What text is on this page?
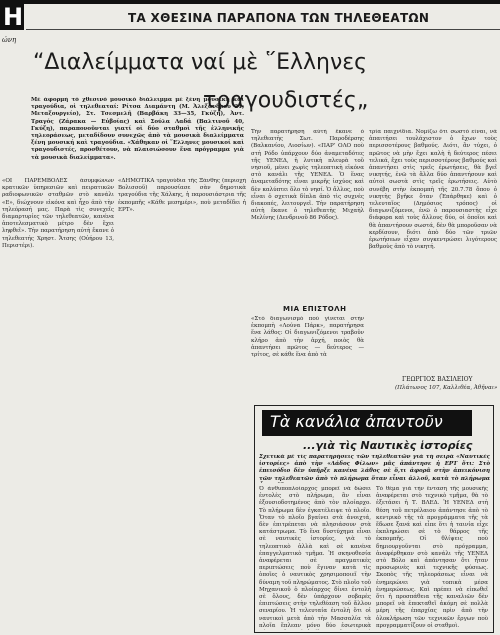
Η
ώνη
ΤΑ ΧΘΕΣΙΝΑ ΠΑΡΑΠΟΝΑ ΤΩΝ ΤΗΛΕΘΕΑΤΩΝ
“Διαλείμματα ναί μὲ ῞Ελληνες
τραγουδιστές„
Μὲ ἀφορμὴ τὸ χθεσινὸ μουσικὸ διάλειμμα μὲ ξένη μουσική καὶ τραγούδια, οἱ τηλεθεαταί: Ρίτσα Διαμάντη (Μ. Ἀλεξάνδρου 21, Μεταξουργείο), Στ. Τσεσμελῆ (Βαρβάκη 33—35, Γκύζη), Ἀντ. Τραγός (Ζάρακα — Εὐβοίας) καὶ Σούλα Λαδά (Βαλτινοῦ 40, Γκύζη), παραπονοῦνται γιατί οἱ δύο σταθμοὶ τῆς ἑλληνικῆς τηλεοράσεως, μεταδίδουν συνεχῶς ἀπὸ τὰ μουσικὰ διαλείμματα ξένη μουσική καὶ τραγούδια. «Χάθηκαν οἱ ῞Ελληνες μουσικοί καὶ τραγουδιστές, προσθέτουν, νὰ πλαισιώσουν ἕνα πρόγραμμα γιὰ τὰ μουσικὰ διαλείμματα».
«ΟΙ ΠΑΡΕΜΒΟΛΕΣ ἀσυμφώνων κρατικῶν ὑπηρεσιῶν καὶ πειρατικῶν ραδιοφωνικῶν σταθμῶν στὸ κανάλι «Ε», διώχνουν εἰκόνα καὶ ἦχο ἀπὸ τὴν τηλεόρασή μας. Παρὰ τὶς συνεχεῖς διαμαρτυρίες τῶν τηλεθεατῶν, κανένα ἀποτελεσματικὸ μέτρο δὲν ἔχει ληφθεῖ». Τὴν παρατήρηση αὐτὴ ἔκανε ὁ τηλεθεατής Χρηστ. Ἄτσης (Οὐήρου 13, Περιστέρι).
«ΔΗΜΟΤΙΚΑ τραγούδια τῆς Ξάνθης (περιοχὴ Βολισσοῦ) παρουσίασε σὰν δημοτικὰ τραγούδια τῆς Χάλκης, ἡ παρουσιάστρια τῆς ἐκπομπῆς «Κάθε μεσημέρι», ποὺ μεταδίδει ἡ ΕΡΤ».
Τὴν παρατήρηση αὐτὴ ἔκανε ὁ τηλεθεατὴς Σωτ. Παροδέρσης (Βαλκανίου, Λιοσίων). «ΠΑΡ’ ΟΛΟ ποὺ στὴ Ρόδο ὑπάρχουν δύο ἀναμεταδότες τῆς ΥΕΝΕΔ, ἡ λυτικὴ πλευρὰ τοῦ νησιοῦ, μένει χωρὶς τηλεοπτικὴ εἰκόνα στὸ κανάλι τῆς ΥΕΝΕΔ. Ὁ ἕνας ἀναμεταδότης εἶναι μικρῆς ἰσχύος καὶ δὲν καλύπτει ὅλο τὸ νησί. Ὁ ἄλλος, ποὺ εἶναι ὁ σχετικὰ δίπλα ἀπὸ τὶς συχνὲς διακοπές, λειτουργεῖ. Τὴν παρατήρηση αὐτὴ ἔκανε ὁ τηλεθεατὴς Μιχαὴλ Μελίνης (Δενδρινοῦ 86 Ρόδος).
ΜΙΑ ΕΠΙΣΤΟΛΗ
«Στὸ διαγωνισμὸ ποὺ γίνεται στὴν ἐκπομπὴ «Λούνα Πάρκ», παρατήρησα ἕνα λάθος: Οἱ διαγωνιζόμενοι τραβοῦν κλήρο ἀπὸ τὴν ἀρχή, ποιὸς θὰ ἀπαντήσει πρῶτος — δεύτερος — τρίτος, σὲ κάθε ἕνα ἀπὸ τὰ
τρία παιχνίδια. Νομίζω ὅτι σωστὸ εἶναι, νὰ ἀπαιτήσει τουλάχιστον ὁ ἔχων τοὺς περισσοτέρους βαθμούς. Διότι, ἂν τύχει, ὁ πρῶτος νὰ μὴν ἔχει καλὴ ἡ δεύτερος πέσει τελικά, ἔχει τοὺς περισσοτέρους βαθμούς καὶ ἀπαντήσει στὶς τρεῖς ἐρωτήσεις, θὰ βγεῖ νικητής, ἐνῶ τὰ ἄλλα δύο ἀπαντήσουν καὶ αὐτοὶ σωστὰ στὶς τρεῖς ἐρωτήσεις. Αὐτὸ συνέβη στὴν ἐκπομπὴ τῆς 20.7.78 ὅπου ὁ νικητὴς βγῆκε ὅταν (Ἐπάρθηκε) καὶ ὁ τελευταῖος (Δημόσιος τρόπος) οἱ διαγωνιζόμενοι, ἐνῶ ὁ παρουσιαστὴς εἶχε διάφορα καὶ τοὺς ἄλλους δύο, οἱ ὁποῖοι καὶ θὰ ἀπαντήσουν σωστά, δὲν θὰ μποροῦσαν νὰ κερδίσουν, διότι ἀπὸ δύο τῶν τριῶν ἐρωτήσεων εἶχαν συγκεντρώσει λιγότερους βαθμοὺς ἀπὸ τὸ νικητή.
ΓΕΩΡΓΙΟΣ ΒΑΣΙΛΕΙΟΥ
(Πλάτωνος 107, Καλλιθέα, Ἀθῆναι»
Τὰ κανάλια ἀπαντοῦν
...γιὰ τὶς Ναυτικὲς ἱστορίες
Σχετικὰ μὲ τὶς παρατηρήσεις τῶν τηλεθεατῶν γιὰ τὴ σειρὰ «Ναυτικὲς ἱστορίες» ἀπὸ τὴν «Λάδος Φίλων» μᾶς ἀπάντησε ἡ ΕΡΤ ὅτι: Στὸ ἐπεισόδιο δὲν ὑπῆρξε κανένα λάθος σὲ ὅ,τι ἀφορᾶ στὴν ἀπεικόνιση τῶν τηλεθεατῶν ἀπὸ τὸ πλήρωμα ὅταν εἶναι ἀλλοῦ, κατὰ τὸ πλήρωμα
Ὁ ἀνθυποπλοίαρχος μπορεῖ νὰ δώσει ἐντολὲς στὸ πλήρωμα, ἂν εἶναι ἐξουσιοδοτημένος ἀπὸ τὸν πλοίαρχο. Τὸ πλήρωμα δὲν ἐγκατέλειψε τὸ πλοῖο. Ὅταν τὸ πλοῖο βγαίνει στὰ ἀνοιχτά, δὲν ἐπιτρέπεται νὰ πλησιάσουν στὰ κατάστρωμα. Τὸ ἕνα δυστύχημα εἶναι σὲ ναυτικὲς ἱστορίες, γιὰ τὸ τηλεοπτικὸ ἀλλὰ καὶ σὲ κανένα ἐπαγγελματικὸ τμῆμα. Ἡ σκηνοθεσία ἀναφέρεται σὲ πραγματικὲς περιπτώσεις ποὺ ἔγιναν κατὰ τὶς ὁποῖες ὁ ναυτικὸς χρησιμοποιεῖ τὴν δύναμη τοῦ πληρώματος. Στὸ πλοῖο τοῦ Μηχανικοῦ ὁ πλοίαρχος δίνει ἐντολὴ σὲ ὅλους, δὲν ὑπάρχουν σοβαρὲς ἐπιπτώσεις στὴν τηλεθέαση τοῦ ἄλλου σεναρίου. Ἡ τελευταία ἐντολὴ ὅτι οἱ ναυτικοὶ μετὰ ἀπὸ τὴν Μασσαλία τὰ πλοῖα ἔπλεαν μόνο δύο ἐσωτερικὰ
Τὸ θέμα γιὰ τὴν ἔνταση τῆς μουσικῆς ἀναφέρεται στὸ τεχνικὸ τμῆμα, θὰ τὸ ἐξετάσει ἡ Τ. ΒΛΕΔ. Ἡ ΥΕΝΕΔ στὴ θέση τοῦ πετρέλαιου ἀπάντησε ἀπὸ τὸ κεντρικὸ τῆς τὰ προγράμματα τῆς τὰ ἔδωσε ξανά καὶ εἶπε ὅτι ἡ ταινία εἶχε ἐκπληρώσει σὲ τὸ θάρρος τῆς ἐκπομπῆς. Οἱ θλίψεις ποὺ δημιουργοῦνται στὸ πρόγραμμα, ἀναφέρθηκαν στὸ κανάλι τῆς ΥΕΝΕΔ στὸ Βόλο καὶ ἀπάντησαν ὅτι ἦταν προσωρινὲς καὶ τεχνικῆς φύσεως. Σκοπὸς τῆς τηλεοράσεως εἶναι νὰ ἐνημερώνει γιὰ τοπικὰ μέσα ἐνημερώσεως. Καὶ πρέπει νὰ εἰπωθεῖ ὅτι ἡ προσπάθεια τῆς καναλιῶν δὲν μπορεῖ νὰ ἐπεκταθεῖ ἀκόμη σὲ πολλὰ μέρη τῆς ἐπαρχίας πρὶν ἀπὸ τὴν ὁλοκλήρωση τῶν τεχνικῶν ἔργων ποὺ προγραμματίζουν οἱ σταθμοὶ.
